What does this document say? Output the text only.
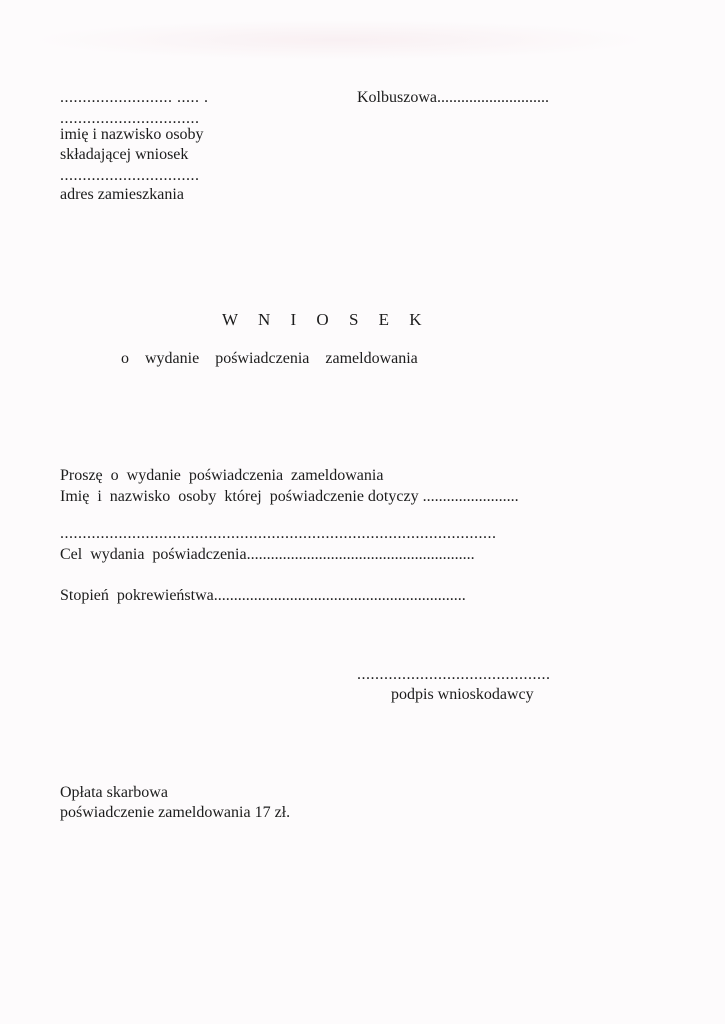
......................... ..... .
...............................
imię i nazwisko osoby
składającej wniosek
...............................
adres zamieszkania
Kolbuszowa............................
W N I O S E K
o    wydanie    poświadczenia    zameldowania
Proszę  o  wydanie  poświadczenia  zameldowania
Imię  i  nazwisko  osoby  której  poświadczenie dotyczy ........................
.................................................................................................
Cel  wydania  poświadczenia.........................................................
Stopień  pokrewieństwa...............................................................
...........................................
podpis wnioskodawcy
Opłata skarbowa
poświadczenie zameldowania 17 zł.
